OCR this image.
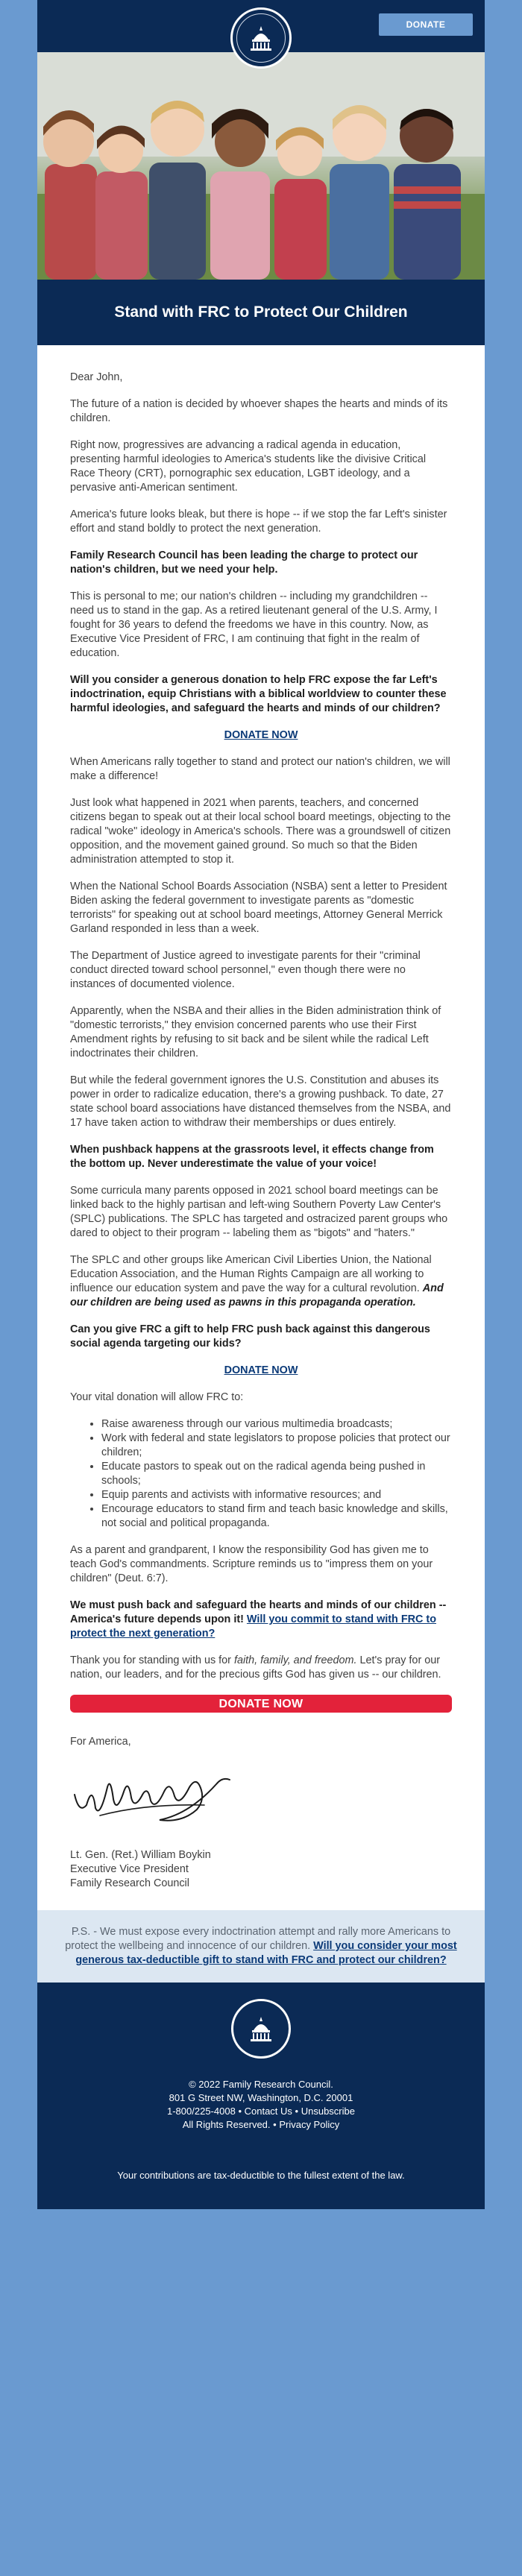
DONATE
Stand with FRC to Protect Our Children

Dear John,

The future of a nation is decided by whoever shapes the hearts and minds of its children.

Right now, progressives are advancing a radical agenda in education, presenting harmful ideologies to America's students like the divisive Critical Race Theory (CRT), pornographic sex education, LGBT ideology, and a pervasive anti-American sentiment.

America's future looks bleak, but there is hope -- if we stop the far Left's sinister effort and stand boldly to protect the next generation.

Family Research Council has been leading the charge to protect our nation's children, but we need your help.

This is personal to me; our nation's children -- including my grandchildren -- need us to stand in the gap. As a retired lieutenant general of the U.S. Army, I fought for 36 years to defend the freedoms we have in this country. Now, as Executive Vice President of FRC, I am continuing that fight in the realm of education.

Will you consider a generous donation to help FRC expose the far Left's indoctrination, equip Christians with a biblical worldview to counter these harmful ideologies, and safeguard the hearts and minds of our children?

DONATE NOW

When Americans rally together to stand and protect our nation's children, we will make a difference!

Just look what happened in 2021 when parents, teachers, and concerned citizens began to speak out at their local school board meetings, objecting to the radical "woke" ideology in America's schools. There was a groundswell of citizen opposition, and the movement gained ground. So much so that the Biden administration attempted to stop it.

When the National School Boards Association (NSBA) sent a letter to President Biden asking the federal government to investigate parents as "domestic terrorists" for speaking out at school board meetings, Attorney General Merrick Garland responded in less than a week.

The Department of Justice agreed to investigate parents for their "criminal conduct directed toward school personnel," even though there were no instances of documented violence.

Apparently, when the NSBA and their allies in the Biden administration think of "domestic terrorists," they envision concerned parents who use their First Amendment rights by refusing to sit back and be silent while the radical Left indoctrinates their children.

But while the federal government ignores the U.S. Constitution and abuses its power in order to radicalize education, there's a growing pushback. To date, 27 state school board associations have distanced themselves from the NSBA, and 17 have taken action to withdraw their memberships or dues entirely.

When pushback happens at the grassroots level, it effects change from the bottom up. Never underestimate the value of your voice!

Some curricula many parents opposed in 2021 school board meetings can be linked back to the highly partisan and left-wing Southern Poverty Law Center's (SPLC) publications. The SPLC has targeted and ostracized parent groups who dared to object to their program -- labeling them as "bigots" and "haters."

The SPLC and other groups like American Civil Liberties Union, the National Education Association, and the Human Rights Campaign are all working to influence our education system and pave the way for a cultural revolution. And our children are being used as pawns in this propaganda operation.

Can you give FRC a gift to help FRC push back against this dangerous social agenda targeting our kids?

DONATE NOW

Your vital donation will allow FRC to:

• Raise awareness through our various multimedia broadcasts;
• Work with federal and state legislators to propose policies that protect our children;
• Educate pastors to speak out on the radical agenda being pushed in schools;
• Equip parents and activists with informative resources; and
• Encourage educators to stand firm and teach basic knowledge and skills, not social and political propaganda.

As a parent and grandparent, I know the responsibility God has given me to teach God's commandments. Scripture reminds us to "impress them on your children" (Deut. 6:7).

We must push back and safeguard the hearts and minds of our children -- America's future depends upon it! Will you commit to stand with FRC to protect the next generation?

Thank you for standing with us for faith, family, and freedom. Let's pray for our nation, our leaders, and for the precious gifts God has given us -- our children.

DONATE NOW

For America,

Lt. Gen. (Ret.) William Boykin

Executive Vice President

Family Research Council

P.S. - We must expose every indoctrination attempt and rally more Americans to protect the wellbeing and innocence of our children. Will you consider your most generous tax-deductible gift to stand with FRC and protect our children?
© 2022 Family Research Council.
801 G Street NW, Washington, D.C. 20001
1-800/225-4008 • Contact Us • Unsubscribe
All Rights Reserved. • Privacy Policy
Your contributions are tax-deductible to the fullest extent of the law.
